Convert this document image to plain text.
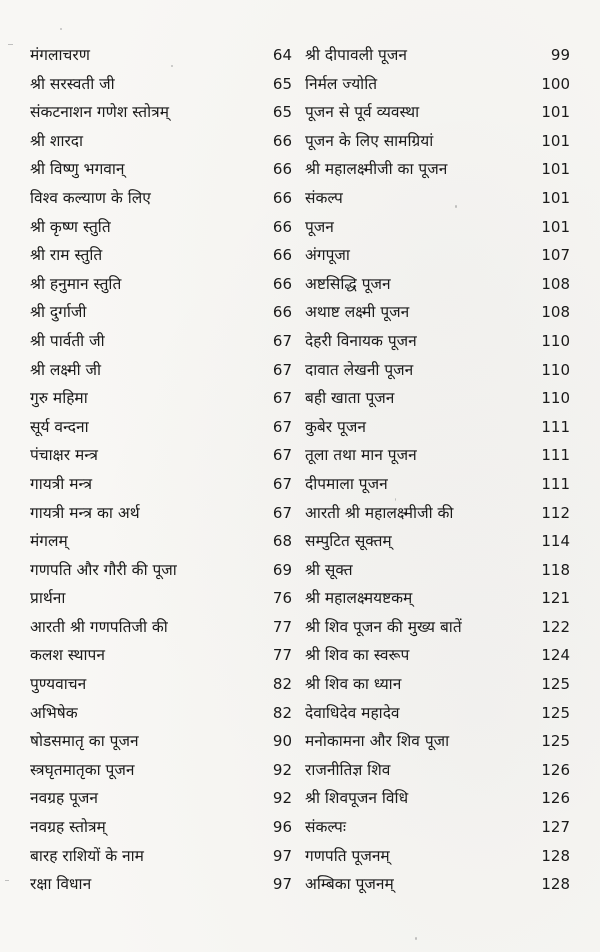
मंगलाचरण	64
श्री सरस्वती जी	65
संकटनाशन गणेश स्तोत्रम्	65
श्री शारदा	66
श्री विष्णु भगवान्	66
विश्व कल्याण के लिए	66
श्री कृष्ण स्तुति	66
श्री राम स्तुति	66
श्री हनुमान स्तुति	66
श्री दुर्गाजी	66
श्री पार्वती जी	67
श्री लक्ष्मी जी	67
गुरु महिमा	67
सूर्य वन्दना	67
पंचाक्षर मन्त्र	67
गायत्री मन्त्र	67
गायत्री मन्त्र का अर्थ	67
मंगलम्	68
गणपति और गौरी की पूजा	69
प्रार्थना	76
आरती श्री गणपतिजी की	77
कलश स्थापन	77
पुण्यवाचन	82
अभिषेक	82
षोडसमातृ का पूजन	90
स्त्रघृतमातृका पूजन	92
नवग्रह पूजन	92
नवग्रह स्तोत्रम्	96
बारह राशियों के नाम	97
रक्षा विधान	97
श्री दीपावली पूजन	99
निर्मल ज्योति	100
पूजन से पूर्व व्यवस्था	101
पूजन के लिए सामग्रियां	101
श्री महालक्ष्मीजी का पूजन	101
संकल्प	101
पूजन	101
अंगपूजा	107
अष्टसिद्धि पूजन	108
अथाष्ट लक्ष्मी पूजन	108
देहरी विनायक पूजन	110
दावात लेखनी पूजन	110
बही खाता पूजन	110
कुबेर पूजन	111
तूला तथा मान पूजन	111
दीपमाला पूजन	111
आरती श्री महालक्ष्मीजी की	112
सम्पुटित सूक्तम्	114
श्री सूक्त	118
श्री महालक्ष्मयष्टकम्	121
श्री शिव पूजन की मुख्य बातें	122
श्री शिव का स्वरूप	124
श्री शिव का ध्यान	125
देवाधिदेव महादेव	125
मनोकामना और शिव पूजा	125
राजनीतिज्ञ शिव	126
श्री शिवपूजन विधि	126
संकल्पः	127
गणपति पूजनम्	128
अम्बिका पूजनम्	128
